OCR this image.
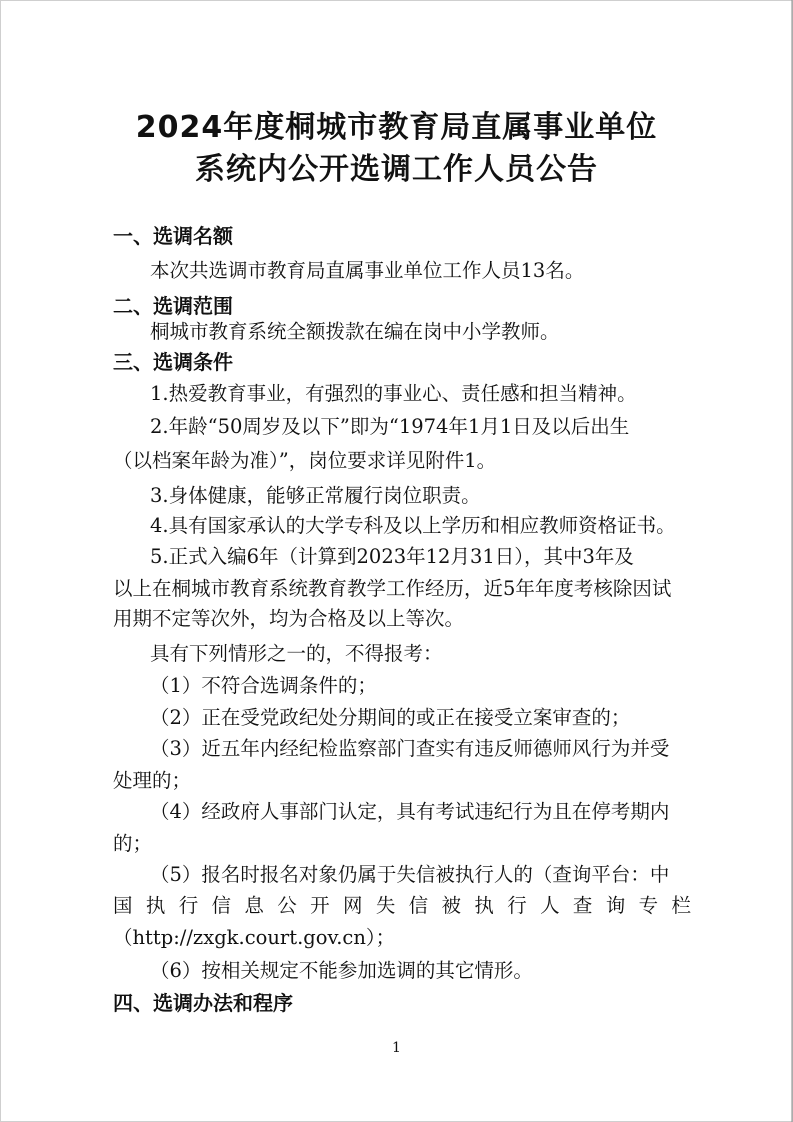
2024年度桐城市教育局直属事业单位
系统内公开选调工作人员公告
一、选调名额
本次共选调市教育局直属事业单位工作人员13名。
二、选调范围
桐城市教育系统全额拨款在编在岗中小学教师。
三、选调条件
1.热爱教育事业，有强烈的事业心、责任感和担当精神。
2.年龄“50周岁及以下”即为“1974年1月1日及以后出生
（以档案年龄为准）”，岗位要求详见附件1。
3.身体健康，能够正常履行岗位职责。
4.具有国家承认的大学专科及以上学历和相应教师资格证书。
5.正式入编6年（计算到2023年12月31日），其中3年及
以上在桐城市教育系统教育教学工作经历，近5年年度考核除因试
用期不定等次外，均为合格及以上等次。
具有下列情形之一的，不得报考：
（1）不符合选调条件的；
（2）正在受党政纪处分期间的或正在接受立案审查的；
（3）近五年内经纪检监察部门查实有违反师德师风行为并受
处理的；
（4）经政府人事部门认定，具有考试违纪行为且在停考期内
的；
（5）报名时报名对象仍属于失信被执行人的（查询平台：中
国执行信息公开网失信被执行人查询专栏
（http://zxgk.court.gov.cn）；
（6）按相关规定不能参加选调的其它情形。
四、选调办法和程序
1
